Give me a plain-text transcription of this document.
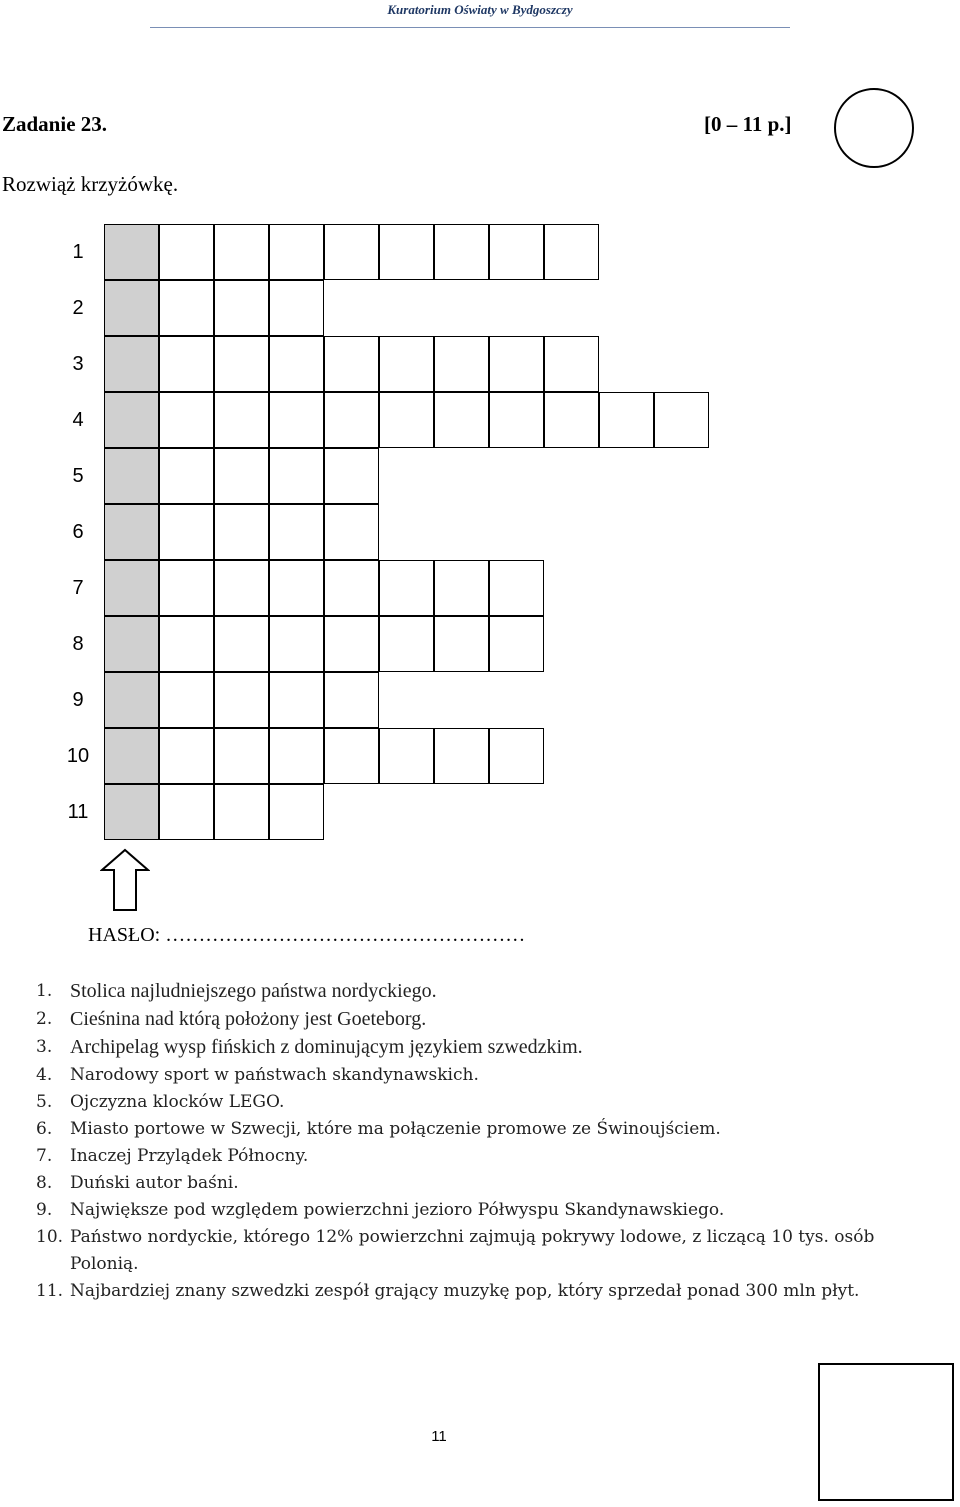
Kuratorium Oświaty w Bydgoszczy
Zadanie 23.	[0 – 11 p.]
Rozwiąż krzyżówkę.
1
2
3
4
5
6
7
8
9
10
11
HASŁO: ………………………………………………
1. Stolica najludniejszego państwa nordyckiego.
2. Cieśnina nad którą położony jest Goeteborg.
3. Archipelag wysp fińskich z dominującym językiem szwedzkim.
4.	Narodowy sport w państwach skandynawskich.
5.	Ojczyzna klocków LEGO.
6.	Miasto portowe w Szwecji, które ma połączenie promowe ze Świnoujściem.
7.	Inaczej Przylądek Północny.
8.	Duński autor baśni.
9.	Największe pod względem powierzchni jezioro Półwyspu Skandynawskiego.
10. Państwo nordyckie, którego 12% powierzchni zajmują pokrywy lodowe, z liczącą 10 tys. osób Polonią.
11. Najbardziej znany szwedzki zespół grający muzykę pop, który sprzedał ponad 300 mln płyt.
11
